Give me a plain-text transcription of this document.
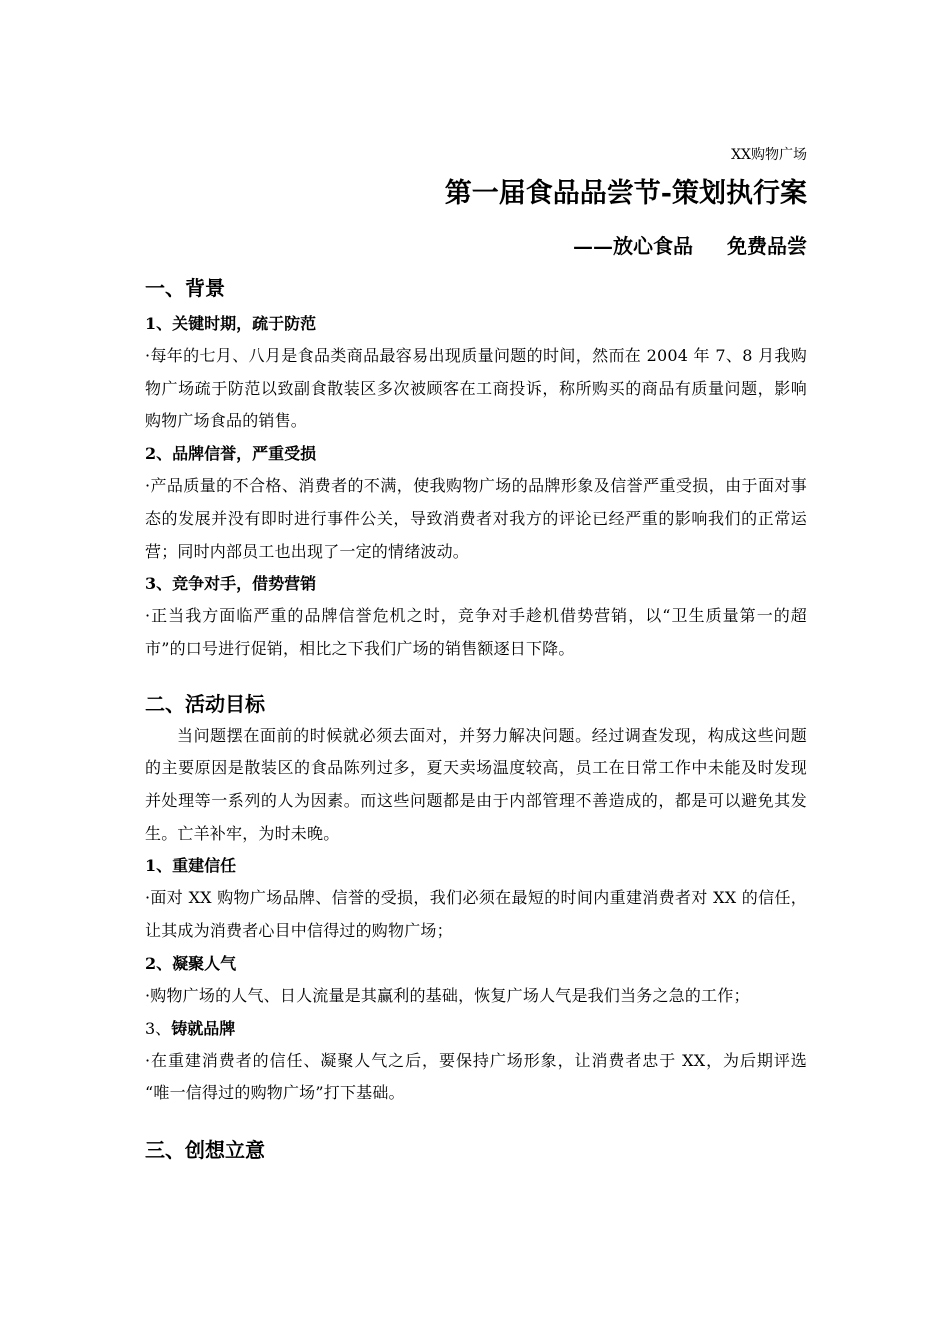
XX购物广场
第一届食品品尝节-策划执行案
——放心食品 免费品尝
一、背景
1、关键时期，疏于防范
·每年的七月、八月是食品类商品最容易出现质量问题的时间，然而在 2004 年 7、8 月我购物广场疏于防范以致副食散装区多次被顾客在工商投诉，称所购买的商品有质量问题，影响购物广场食品的销售。
2、品牌信誉，严重受损
·产品质量的不合格、消费者的不满，使我购物广场的品牌形象及信誉严重受损，由于面对事态的发展并没有即时进行事件公关，导致消费者对我方的评论已经严重的影响我们的正常运营；同时内部员工也出现了一定的情绪波动。
3、竞争对手，借势营销
·正当我方面临严重的品牌信誉危机之时，竞争对手趁机借势营销，以“卫生质量第一的超市”的口号进行促销，相比之下我们广场的销售额逐日下降。
二、活动目标
当问题摆在面前的时候就必须去面对，并努力解决问题。经过调查发现，构成这些问题的主要原因是散装区的食品陈列过多，夏天卖场温度较高，员工在日常工作中未能及时发现并处理等一系列的人为因素。而这些问题都是由于内部管理不善造成的，都是可以避免其发生。亡羊补牢，为时未晚。
1、重建信任
·面对 XX 购物广场品牌、信誉的受损，我们必须在最短的时间内重建消费者对 XX 的信任，让其成为消费者心目中信得过的购物广场；
2、凝聚人气
·购物广场的人气、日人流量是其赢利的基础，恢复广场人气是我们当务之急的工作；
3、铸就品牌
·在重建消费者的信任、凝聚人气之后，要保持广场形象，让消费者忠于 XX，为后期评选 “唯一信得过的购物广场”打下基础。
三、创想立意
